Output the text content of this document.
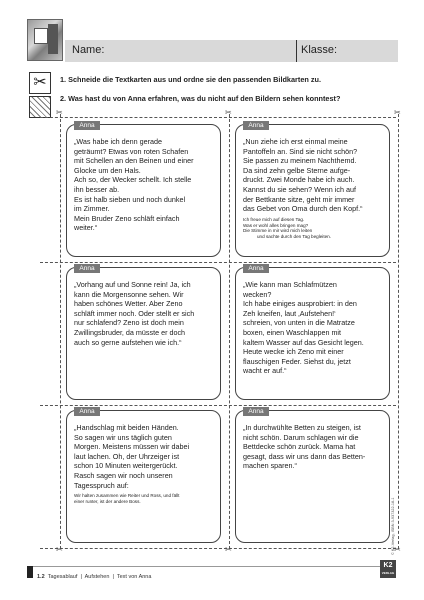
Name:	Klasse:
✂	1. Schneide die Textkarten aus und ordne sie den passenden Bildkarten zu.
2. Was hast du von Anna erfahren, was du nicht auf den Bildern sehen konntest?
✂	✂	✂
✂	✂	✂
Anna

„Was habe ich denn gerade

geträumt? Etwas von roten Schafen

mit Schellen an den Beinen und einer

Glocke um den Hals.

Ach so, der Wecker schellt. Ich stelle

ihn besser ab.

Es ist halb sieben und noch dunkel

im Zimmer.

Mein Bruder Zeno schläft einfach

weiter.“

Anna

„Nun ziehe ich erst einmal meine

Pantoffeln an. Sind sie nicht schön?

Sie passen zu meinem Nachthemd.

Da sind zehn gelbe Sterne aufge-

druckt. Zwei Monde habe ich auch.

Kannst du sie sehen? Wenn ich auf

der Bettkante sitze, geht mir immer

das Gebet von Oma durch den Kopf.“

Ich freue mich auf diesen Tag.

Was er wohl alles bringen mag?

Die Stimme in mir wird mich leiten

und sachte durch den Tag begleiten.

Anna

„Vorhang auf und Sonne rein! Ja, ich

kann die Morgensonne sehen. Wir

haben schönes Wetter. Aber Zeno

schläft immer noch. Oder stellt er sich

nur schlafend? Zeno ist doch mein

Zwillingsbruder, da müsste er doch

auch so gerne aufstehen wie ich.“

Anna

„Wie kann man Schlafmützen

wecken?

Ich habe einiges ausprobiert: in den

Zeh kneifen, laut ‚Aufstehen!‘

schreien, von unten in die Matratze

boxen, einen Waschlappen mit

kaltem Wasser auf das Gesicht legen.

Heute wecke ich Zeno mit einer

flauschigen Feder. Siehst du, jetzt

wacht er auf.“

Anna

„Handschlag mit beiden Händen.

So sagen wir uns täglich guten

Morgen. Meistens müssen wir dabei

laut lachen. Oh, der Uhrzeiger ist

schon 10 Minuten weitergerückt.

Rasch sagen wir noch unseren

Tagesspruch auf:

Wir halten zusammen wie Reiter und Ross, und fällt

einer runter, ist der andere Boss.

Anna

„In durchwühlte Betten zu steigen, ist

nicht schön. Darum schlagen wir die

Bettdecke schön zurück. Mama hat

gesagt, dass wir uns dann das Betten-

machen sparen.“

© K2-Verlag, ISBN 3-937322-18-1
K2
VERLAG
1.2 Tagesablauf  |  Aufstehen  |  Text von Anna
